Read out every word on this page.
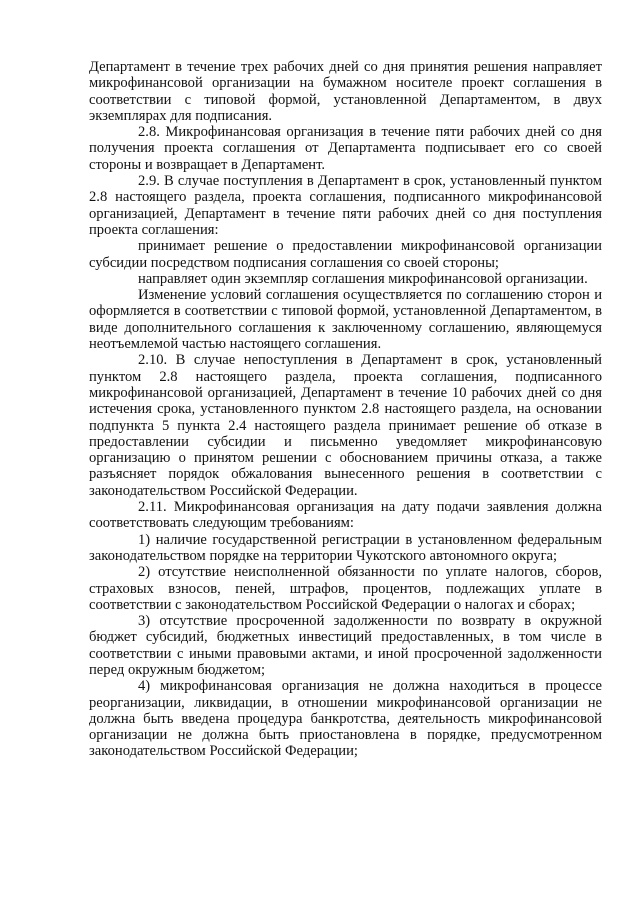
Департамент в течение трех рабочих дней со дня принятия решения направляет микрофинансовой организации на бумажном носителе проект соглашения в соответствии с типовой формой, установленной Департаментом, в двух экземплярах для подписания.

2.8. Микрофинансовая организация в течение пяти рабочих дней со дня получения проекта соглашения от Департамента подписывает его со своей стороны и возвращает в Департамент.

2.9. В случае поступления в Департамент в срок, установленный пунктом 2.8 настоящего раздела, проекта соглашения, подписанного микрофинансовой организацией, Департамент в течение пяти рабочих дней со дня поступления проекта соглашения:

принимает решение о предоставлении микрофинансовой организации субсидии посредством подписания соглашения со своей стороны;

направляет один экземпляр соглашения микрофинансовой организации.

Изменение условий соглашения осуществляется по соглашению сторон и оформляется в соответствии с типовой формой, установленной Департаментом, в виде дополнительного соглашения к заключенному соглашению, являющемуся неотъемлемой частью настоящего соглашения.

2.10. В случае непоступления в Департамент в срок, установленный пунктом 2.8 настоящего раздела, проекта соглашения, подписанного микрофинансовой организацией, Департамент в течение 10 рабочих дней со дня истечения срока, установленного пунктом 2.8 настоящего раздела, на основании подпункта 5 пункта 2.4 настоящего раздела принимает решение об отказе в предоставлении субсидии и письменно уведомляет микрофинансовую организацию о принятом решении с обоснованием причины отказа, а также разъясняет порядок обжалования вынесенного решения в соответствии с законодательством Российской Федерации.

2.11. Микрофинансовая организация на дату подачи заявления должна соответствовать следующим требованиям:

1) наличие государственной регистрации в установленном федеральным законодательством порядке на территории Чукотского автономного округа;

2) отсутствие неисполненной обязанности по уплате налогов, сборов, страховых взносов, пеней, штрафов, процентов, подлежащих уплате в соответствии с законодательством Российской Федерации о налогах и сборах;

3) отсутствие просроченной задолженности по возврату в окружной бюджет субсидий, бюджетных инвестиций предоставленных, в том числе в соответствии с иными правовыми актами, и иной просроченной задолженности перед окружным бюджетом;

4) микрофинансовая организация не должна находиться в процессе реорганизации, ликвидации, в отношении микрофинансовой организации не должна быть введена процедура банкротства, деятельность микрофинансовой организации не должна быть приостановлена в порядке, предусмотренном законодательством Российской Федерации;
